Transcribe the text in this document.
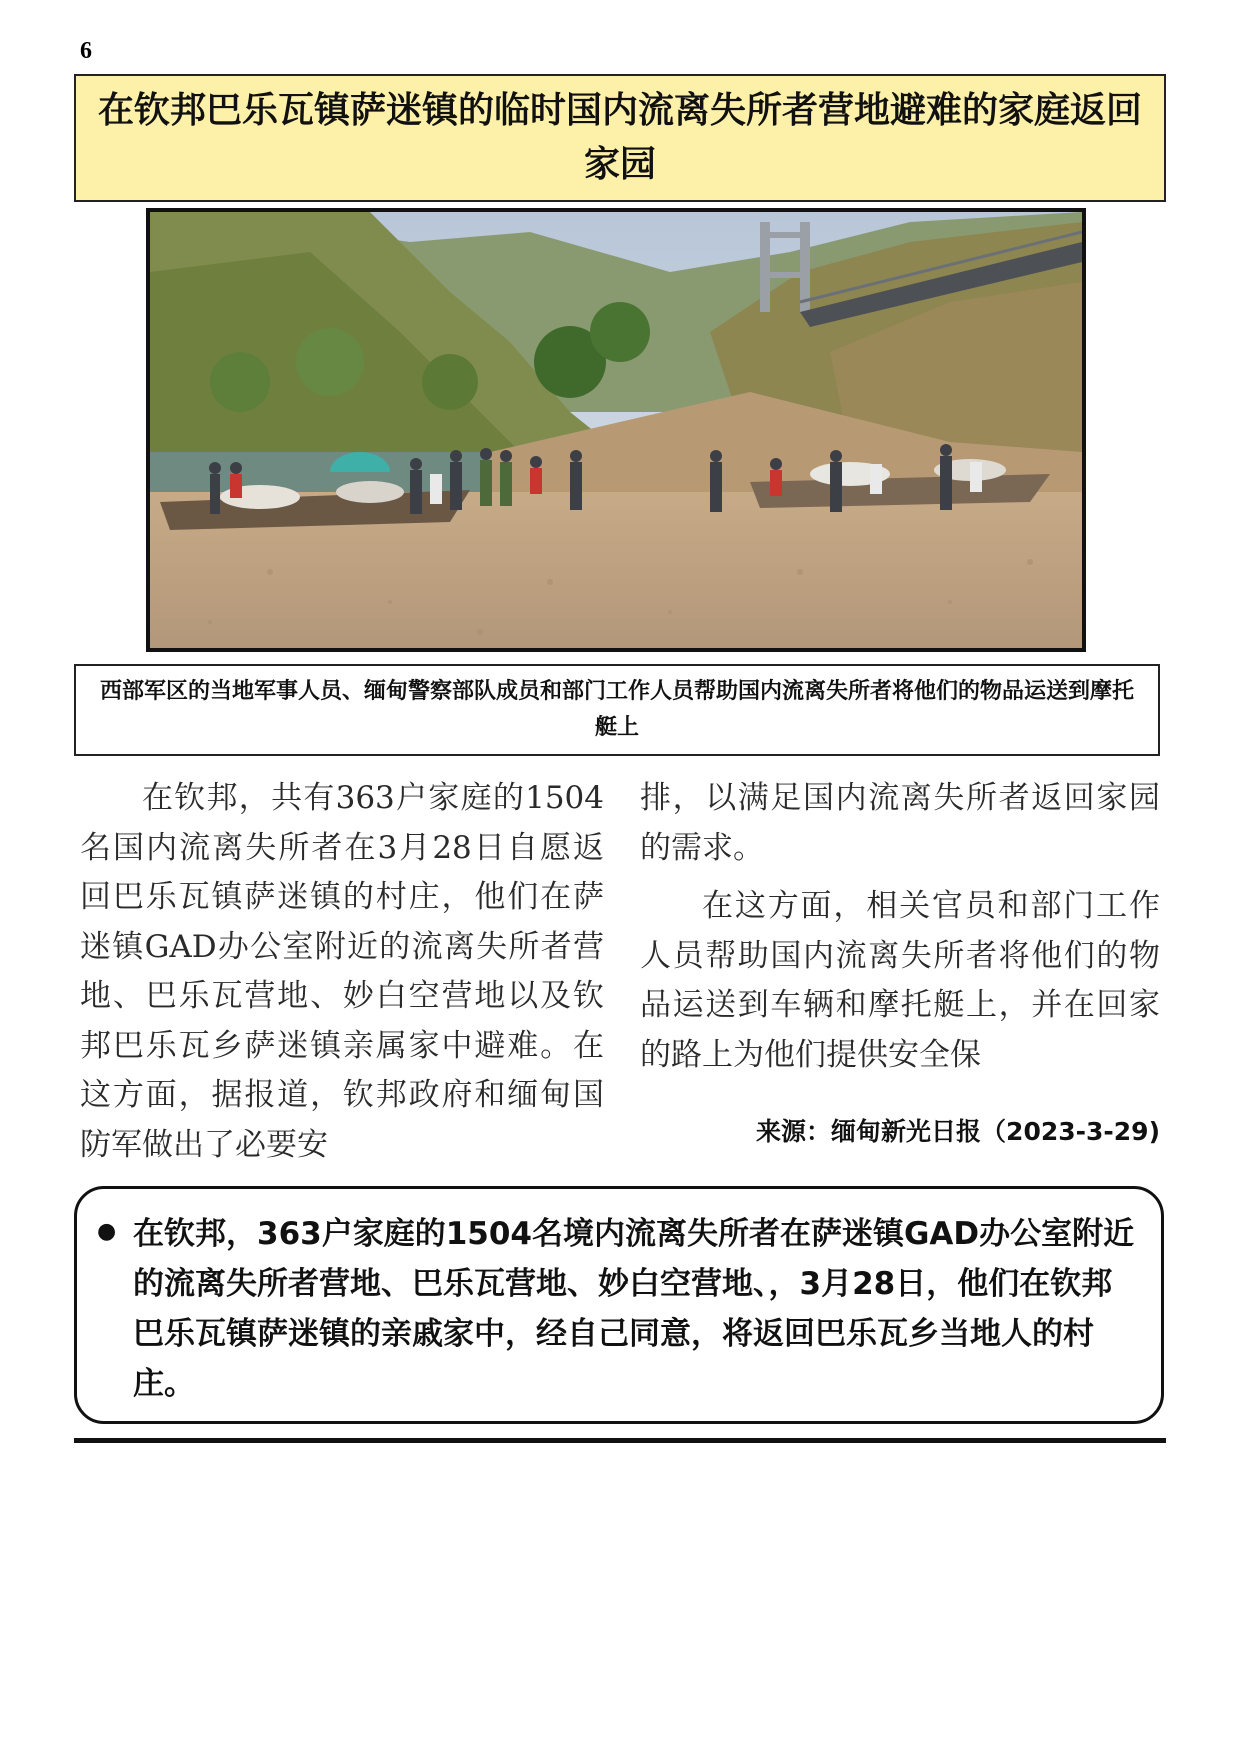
6
在钦邦巴乐瓦镇萨迷镇的临时国内流离失所者营地避难的家庭返回家园
西部军区的当地军事人员、缅甸警察部队成员和部门工作人员帮助国内流离失所者将他们的物品运送到摩托艇上
在钦邦，共有363户家庭的1504名国内流离失所者在3月28日自愿返回巴乐瓦镇萨迷镇的村庄，他们在萨迷镇GAD办公室附近的流离失所者营地、巴乐瓦营地、妙白空营地以及钦邦巴乐瓦乡萨迷镇亲属家中避难。在这方面，据报道，钦邦政府和缅甸国防军做出了必要安

排，以满足国内流离失所者返回家园的需求。

在这方面，相关官员和部门工作人员帮助国内流离失所者将他们的物品运送到车辆和摩托艇上，并在回家的路上为他们提供安全保

来源：缅甸新光日报（2023-3-29)
● 在钦邦，363户家庭的1504名境内流离失所者在萨迷镇GAD办公室附近的流离失所者营地、巴乐瓦营地、妙白空营地、，3月28日，他们在钦邦巴乐瓦镇萨迷镇的亲戚家中，经自己同意，将返回巴乐瓦乡当地人的村庄。
